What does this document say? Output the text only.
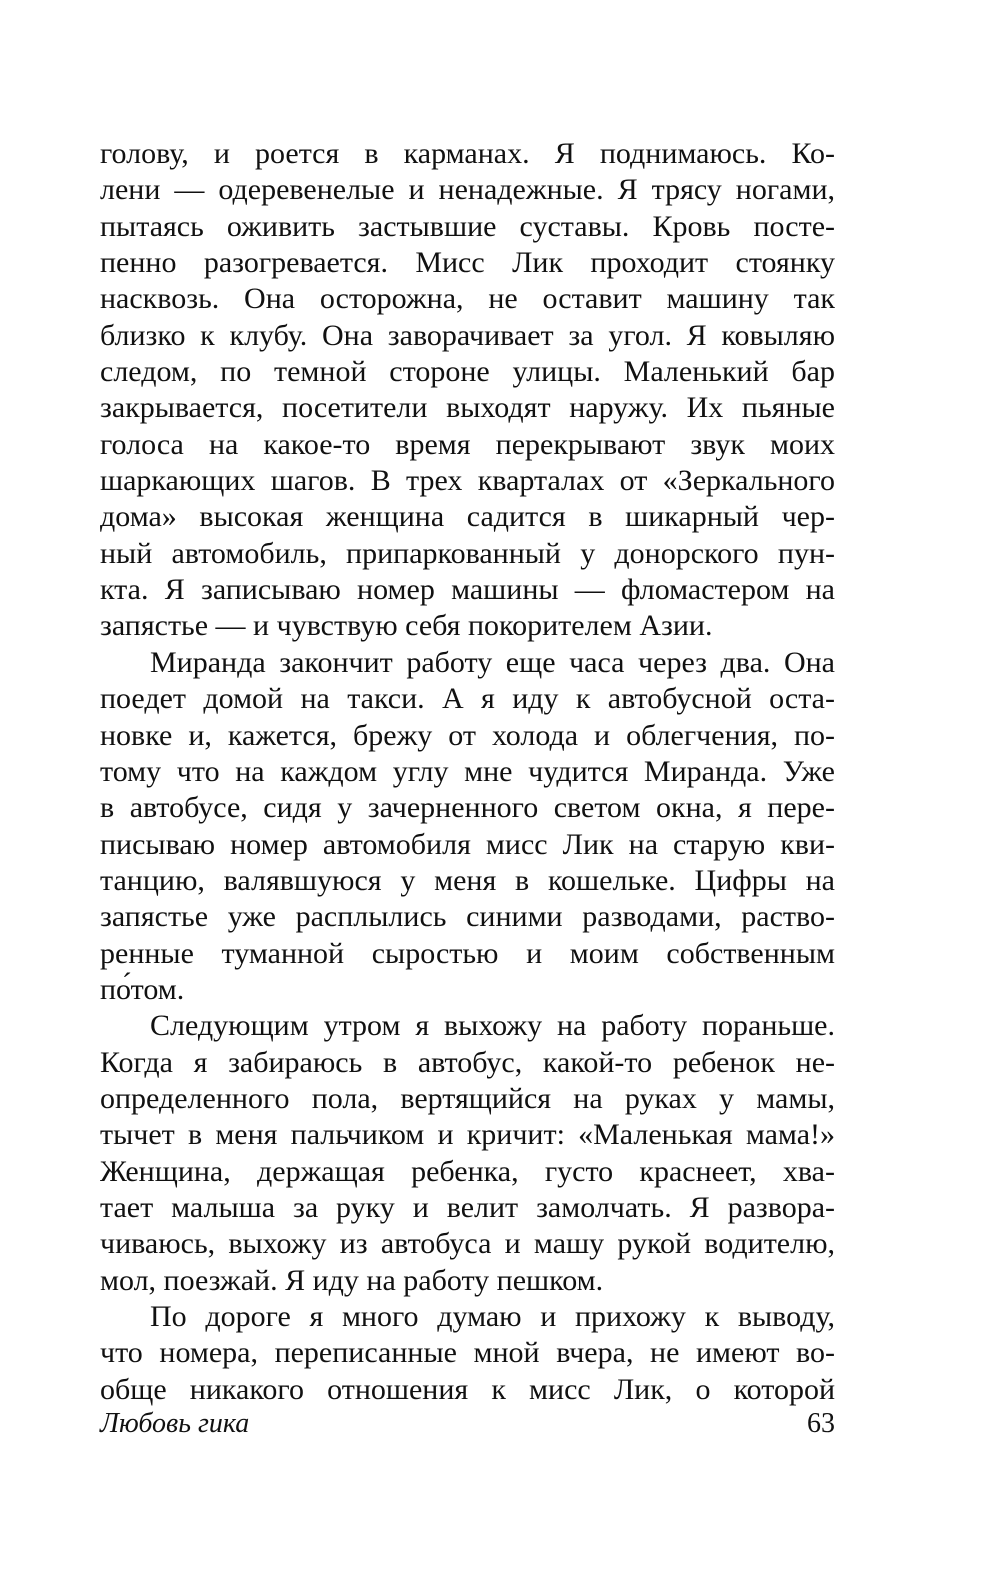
голову, и роется в карманах. Я поднимаюсь. Ко-
лени — одеревенелые и ненадежные. Я трясу ногами,
пытаясь оживить застывшие суставы. Кровь посте-
пенно разогревается. Мисс Лик проходит стоянку
насквозь. Она осторожна, не оставит машину так
близко к клубу. Она заворачивает за угол. Я ковыляю
следом, по темной стороне улицы. Маленький бар
закрывается, посетители выходят наружу. Их пьяные
голоса на какое-то время перекрывают звук моих
шаркающих шагов. В трех кварталах от «Зеркального
дома» высокая женщина садится в шикарный чер-
ный автомобиль, припаркованный у донорского пун-
кта. Я записываю номер машины — фломастером на
запястье — и чувствую себя покорителем Азии.
Миранда закончит работу еще часа через два. Она
поедет домой на такси. А я иду к автобусной оста-
новке и, кажется, брежу от холода и облегчения, по-
тому что на каждом углу мне чудится Миранда. Уже
в автобусе, сидя у зачерненного светом окна, я пере-
писываю номер автомобиля мисс Лик на старую кви-
танцию, валявшуюся у меня в кошельке. Цифры на
запястье уже расплылись синими разводами, раство-
ренные туманной сыростью и моим собственным
по́том.
Следующим утром я выхожу на работу пораньше.
Когда я забираюсь в автобус, какой-то ребенок не-
определенного пола, вертящийся на руках у мамы,
тычет в меня пальчиком и кричит: «Маленькая мама!»
Женщина, держащая ребенка, густо краснеет, хва-
тает малыша за руку и велит замолчать. Я развора-
чиваюсь, выхожу из автобуса и машу рукой водителю,
мол, поезжай. Я иду на работу пешком.
По дороге я много думаю и прихожу к выводу,
что номера, переписанные мной вчера, не имеют во-
обще никакого отношения к мисс Лик, о которой
Любовь гика	63
